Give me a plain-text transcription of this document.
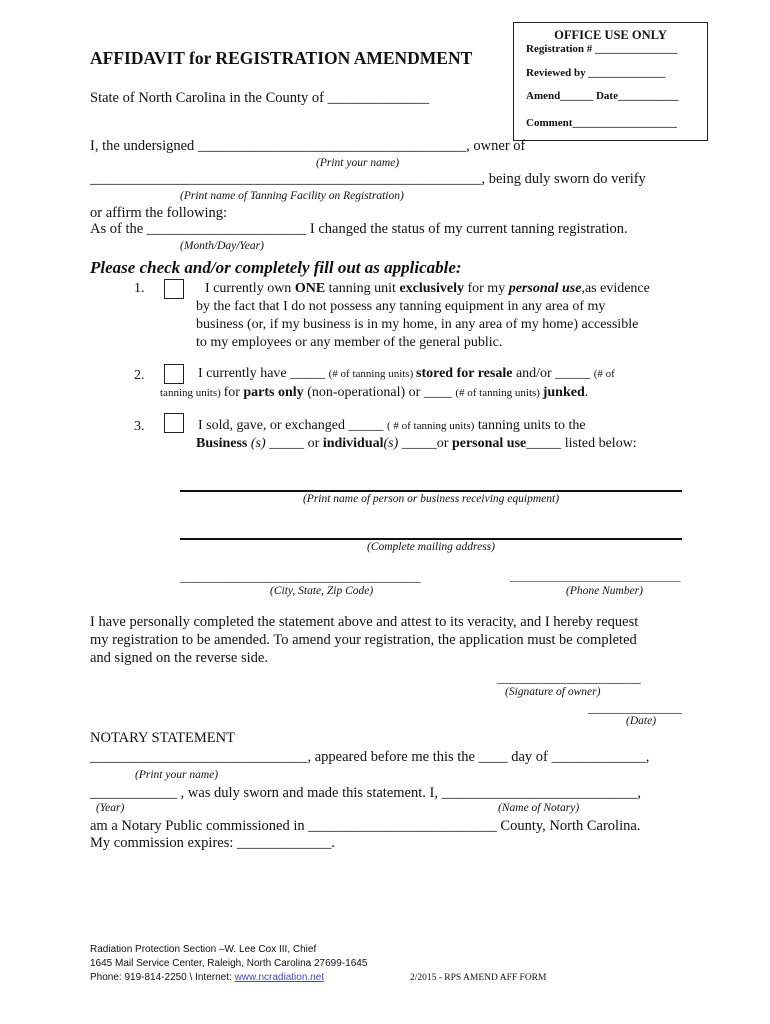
OFFICE USE ONLY
Registration # _______________
Reviewed by ______________
Amend______ Date___________
Comment___________________
AFFIDAVIT for REGISTRATION AMENDMENT
State of North Carolina in the County of ______________
I, the undersigned _____________________________________, owner of
(Print your name)
______________________________________________________, being duly sworn do verify
(Print name of Tanning Facility on Registration)
or affirm the following:
As of the ______________________ I changed the status of my current tanning registration.
(Month/Day/Year)
Please check and/or completely fill out as applicable:
1.	I currently own ONE tanning unit exclusively for my personal use,as evidence
by the fact that I do not possess any tanning equipment in any area of my
business (or, if my business is in my home, in any area of my home) accessible
to my employees or any member of the general public.
2.	I currently have _____ (# of tanning units) stored for resale and/or _____ (# of
tanning units) for parts only (non-operational) or ____ (# of tanning units) junked.
3.	I sold, gave, or exchanged _____ ( # of tanning units) tanning units to the
Business (s) _____ or individual(s) _____or personal use_____ listed below:
(Print name of person or business receiving equipment)
(Complete mailing address)
_____________________________________
(City, State, Zip Code)
_______________________________
(Phone Number)
I have personally completed the statement above and attest to its veracity, and I hereby request
my registration to be amended. To amend your registration, the application must be completed
and signed on the reverse side.
_______________________
(Signature of owner)
_______________
(Date)
NOTARY STATEMENT
______________________________, appeared before me this the ____ day of _____________,
(Print your name)
____________ , was duly sworn and made this statement. I, ___________________________,
(Year)	(Name of Notary)
am a Notary Public commissioned in __________________________ County, North Carolina.
My commission expires: _____________.
Radiation Protection Section –W. Lee Cox III, Chief
1645 Mail Service Center, Raleigh, North Carolina 27699-1645
Phone: 919-814-2250 \ Internet: www.ncradiation.net	2/2015 - RPS AMEND AFF FORM
